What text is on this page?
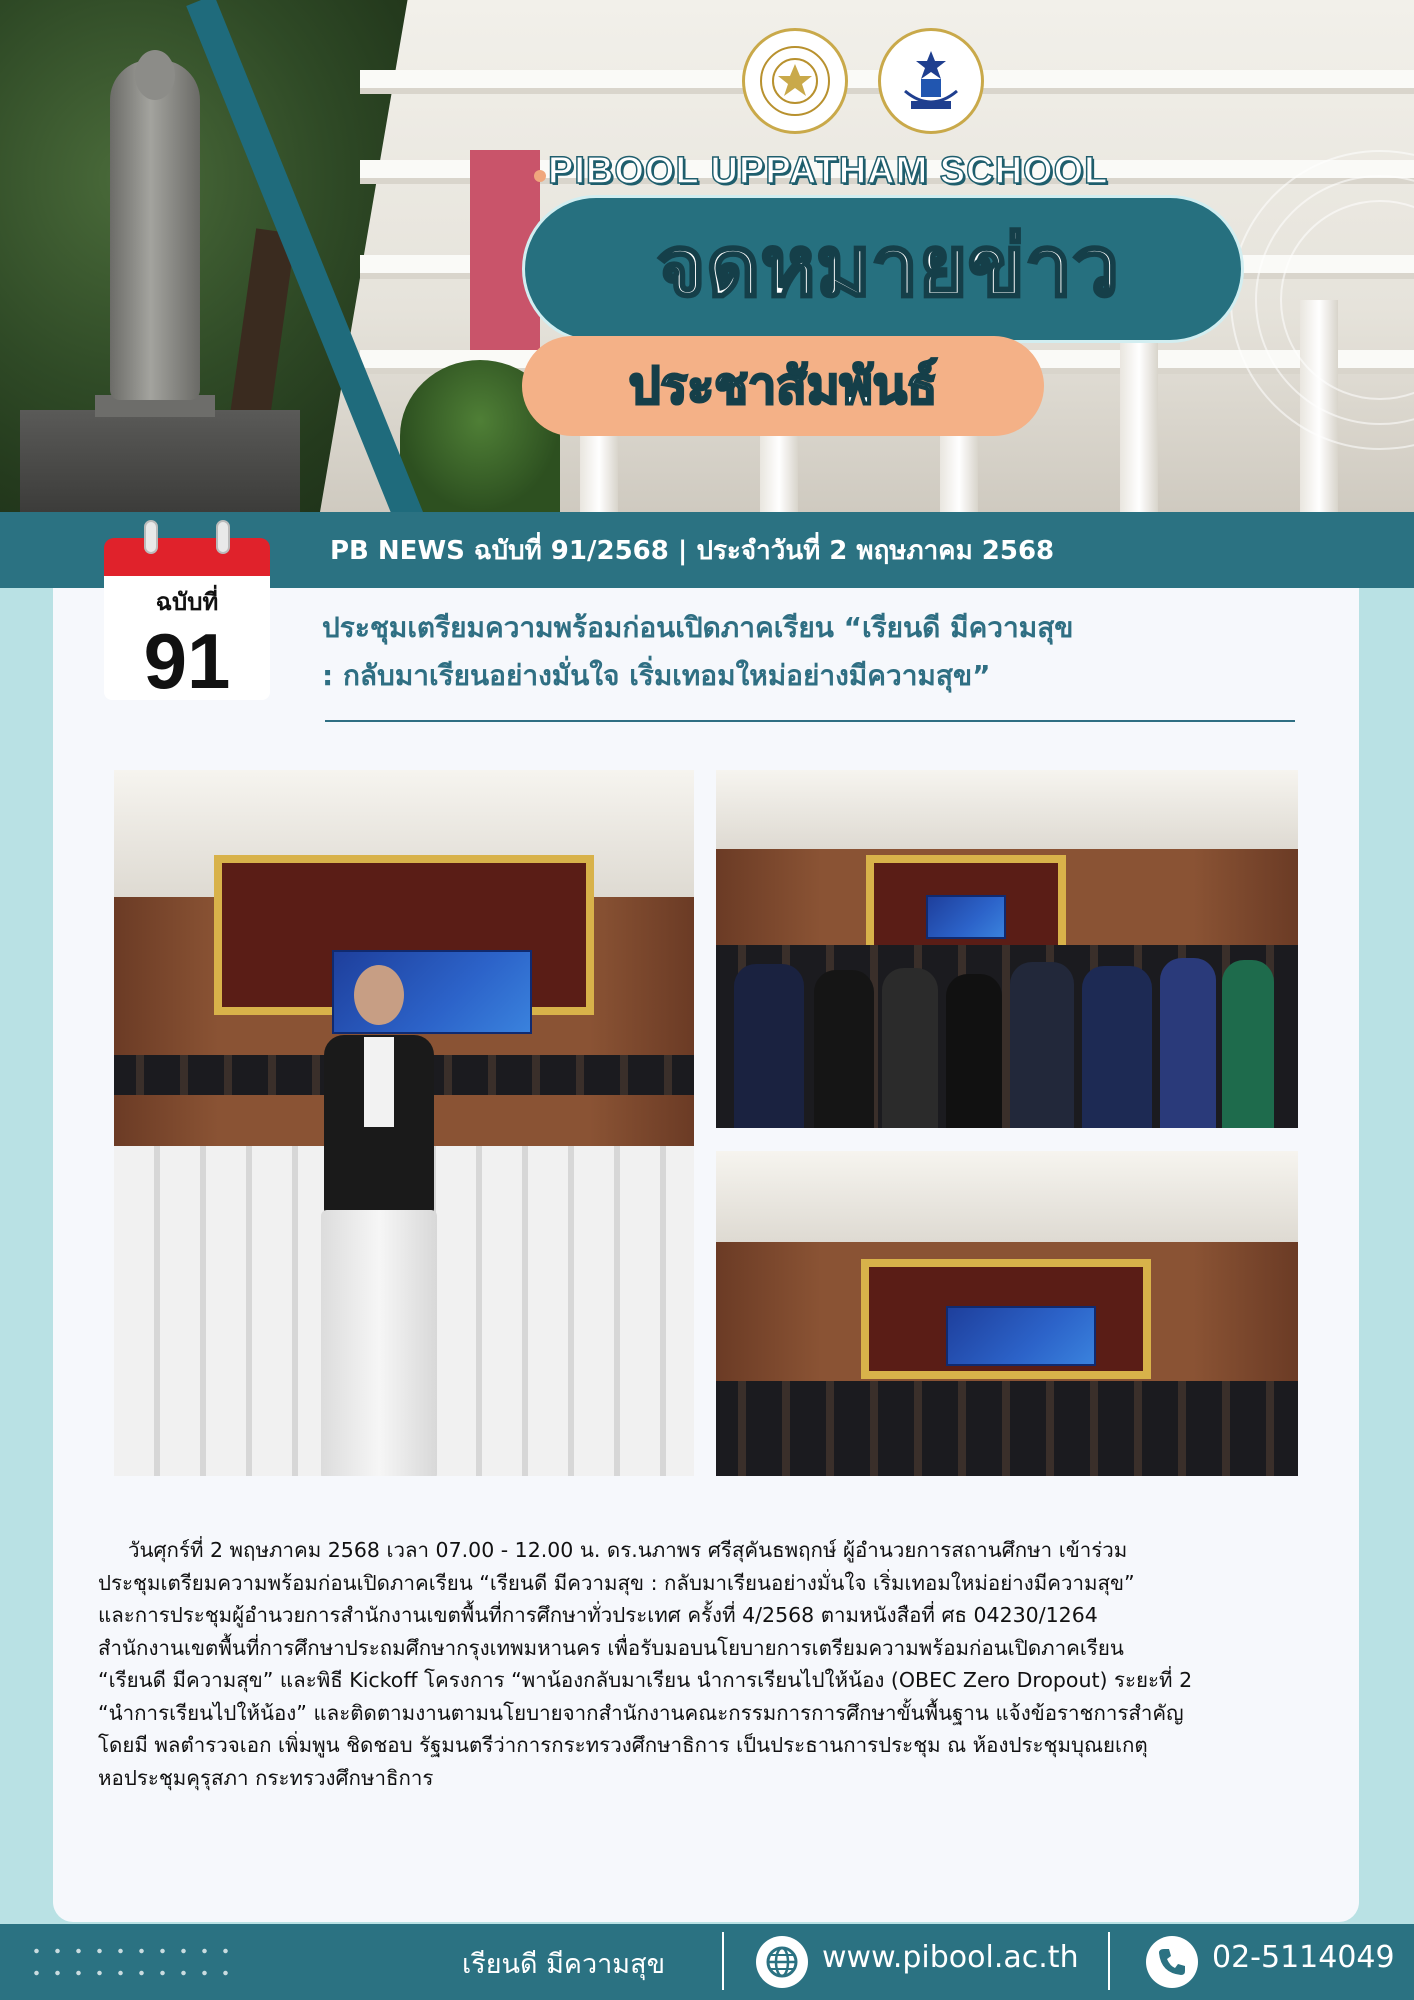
PIBOOL UPPATHAM SCHOOL
จดหมายข่าว
ประชาสัมพันธ์
PB NEWS ฉบับที่ 91/2568 | ประจำวันที่ 2 พฤษภาคม 2568
ฉบับที่
91	ประชุมเตรียมความพร้อมก่อนเปิดภาคเรียน “เรียนดี มีความสุข
: กลับมาเรียนอย่างมั่นใจ เริ่มเทอมใหม่อย่างมีความสุข”

วันศุกร์ที่ 2 พฤษภาคม 2568 เวลา 07.00 - 12.00 น. ดร.นภาพร ศรีสุคันธพฤกษ์ ผู้อำนวยการสถานศึกษา เข้าร่วม

ประชุมเตรียมความพร้อมก่อนเปิดภาคเรียน “เรียนดี มีความสุข : กลับมาเรียนอย่างมั่นใจ เริ่มเทอมใหม่อย่างมีความสุข”

และการประชุมผู้อำนวยการสำนักงานเขตพื้นที่การศึกษาทั่วประเทศ ครั้งที่ 4/2568 ตามหนังสือที่ ศธ 04230/1264

สำนักงานเขตพื้นที่การศึกษาประถมศึกษากรุงเทพมหานคร เพื่อรับมอบนโยบายการเตรียมความพร้อมก่อนเปิดภาคเรียน

“เรียนดี มีความสุข” และพิธี Kickoff โครงการ “พาน้องกลับมาเรียน นำการเรียนไปให้น้อง (OBEC Zero Dropout) ระยะที่ 2

“นำการเรียนไปให้น้อง” และติดตามงานตามนโยบายจากสำนักงานคณะกรรมการการศึกษาขั้นพื้นฐาน แจ้งข้อราชการสำคัญ

โดยมี พลตำรวจเอก เพิ่มพูน ชิดชอบ รัฐมนตรีว่าการกระทรวงศึกษาธิการ เป็นประธานการประชุม ณ ห้องประชุมบุณยเกตุ

หอประชุมคุรุสภา กระทรวงศึกษาธิการ

เรียนดี มีความสุข	www.pibool.ac.th	02-5114049
